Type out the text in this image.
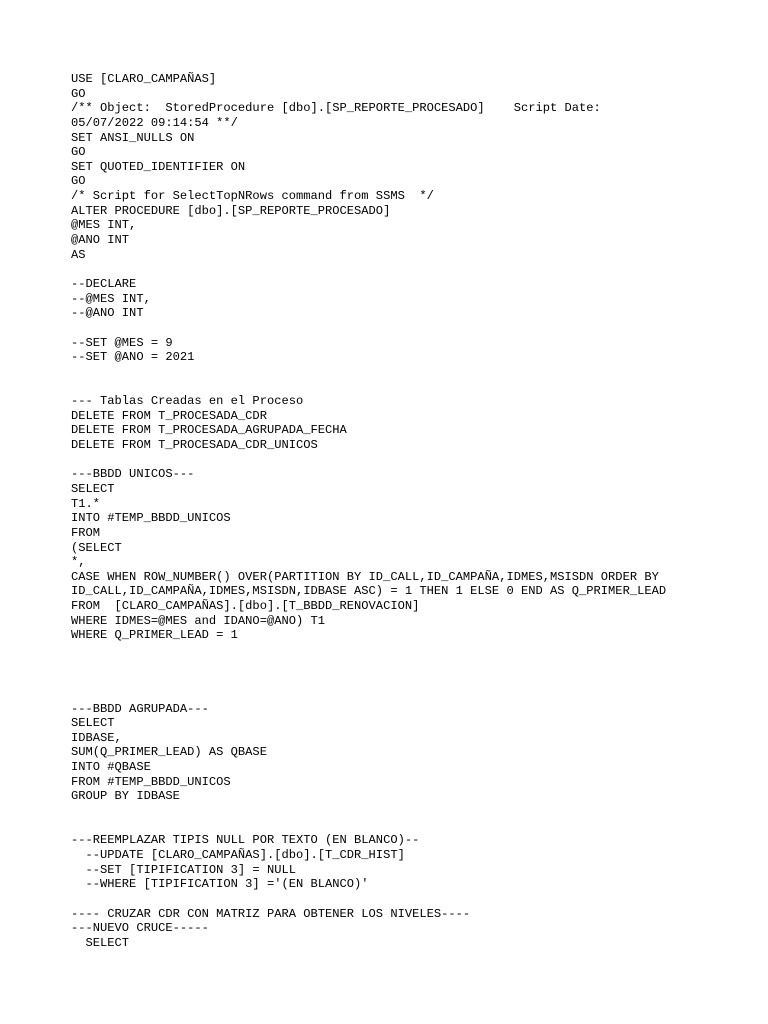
USE [CLARO_CAMPAÑAS]
GO
/** Object:  StoredProcedure [dbo].[SP_REPORTE_PROCESADO]    Script Date:
05/07/2022 09:14:54 **/
SET ANSI_NULLS ON
GO
SET QUOTED_IDENTIFIER ON
GO
/* Script for SelectTopNRows command from SSMS  */
ALTER PROCEDURE [dbo].[SP_REPORTE_PROCESADO]
@MES INT,
@ANO INT
AS
--DECLARE
--@MES INT,
--@ANO INT
--SET @MES = 9
--SET @ANO = 2021
--- Tablas Creadas en el Proceso
DELETE FROM T_PROCESADA_CDR
DELETE FROM T_PROCESADA_AGRUPADA_FECHA
DELETE FROM T_PROCESADA_CDR_UNICOS
---BBDD UNICOS---
SELECT
T1.*
INTO #TEMP_BBDD_UNICOS
FROM
(SELECT
*,
CASE WHEN ROW_NUMBER() OVER(PARTITION BY ID_CALL,ID_CAMPAÑA,IDMES,MSISDN ORDER BY
ID_CALL,ID_CAMPAÑA,IDMES,MSISDN,IDBASE ASC) = 1 THEN 1 ELSE 0 END AS Q_PRIMER_LEAD
FROM  [CLARO_CAMPAÑAS].[dbo].[T_BBDD_RENOVACION]
WHERE IDMES=@MES and IDANO=@ANO) T1
WHERE Q_PRIMER_LEAD = 1
---BBDD AGRUPADA---
SELECT
IDBASE,
SUM(Q_PRIMER_LEAD) AS QBASE
INTO #QBASE
FROM #TEMP_BBDD_UNICOS
GROUP BY IDBASE
---REEMPLAZAR TIPIS NULL POR TEXTO (EN BLANCO)--
--UPDATE [CLARO_CAMPAÑAS].[dbo].[T_CDR_HIST]
--SET [TIPIFICATION 3] = NULL
--WHERE [TIPIFICATION 3] ='(EN BLANCO)'
---- CRUZAR CDR CON MATRIZ PARA OBTENER LOS NIVELES----
---NUEVO CRUCE-----
SELECT
